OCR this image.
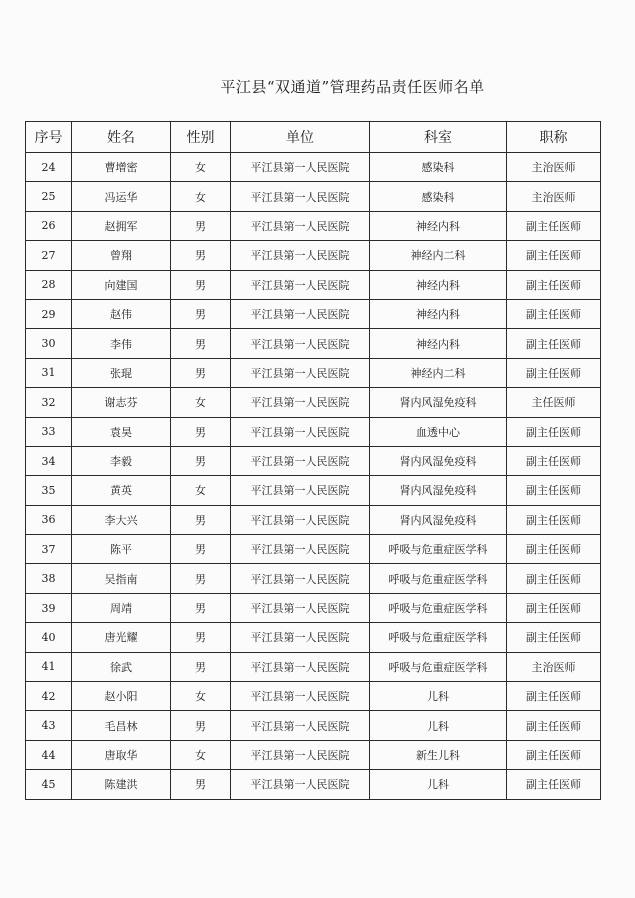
平江县“双通道”管理药品责任医师名单
序号	姓名	性别	单位	科室	职称
24	曹增密	女	平江县第一人民医院	感染科	主治医师
25	冯运华	女	平江县第一人民医院	感染科	主治医师
26	赵拥军	男	平江县第一人民医院	神经内科	副主任医师
27	曾翔	男	平江县第一人民医院	神经内二科	副主任医师
28	向建国	男	平江县第一人民医院	神经内科	副主任医师
29	赵伟	男	平江县第一人民医院	神经内科	副主任医师
30	李伟	男	平江县第一人民医院	神经内科	副主任医师
31	张琨	男	平江县第一人民医院	神经内二科	副主任医师
32	谢志芬	女	平江县第一人民医院	肾内风湿免疫科	主任医师
33	袁昊	男	平江县第一人民医院	血透中心	副主任医师
34	李毅	男	平江县第一人民医院	肾内风湿免疫科	副主任医师
35	黄英	女	平江县第一人民医院	肾内风湿免疫科	副主任医师
36	李大兴	男	平江县第一人民医院	肾内风湿免疫科	副主任医师
37	陈平	男	平江县第一人民医院	呼吸与危重症医学科	副主任医师
38	吴指南	男	平江县第一人民医院	呼吸与危重症医学科	副主任医师
39	周靖	男	平江县第一人民医院	呼吸与危重症医学科	副主任医师
40	唐光耀	男	平江县第一人民医院	呼吸与危重症医学科	副主任医师
41	徐武	男	平江县第一人民医院	呼吸与危重症医学科	主治医师
42	赵小阳	女	平江县第一人民医院	儿科	副主任医师
43	毛昌林	男	平江县第一人民医院	儿科	副主任医师
44	唐取华	女	平江县第一人民医院	新生儿科	副主任医师
45	陈建洪	男	平江县第一人民医院	儿科	副主任医师
